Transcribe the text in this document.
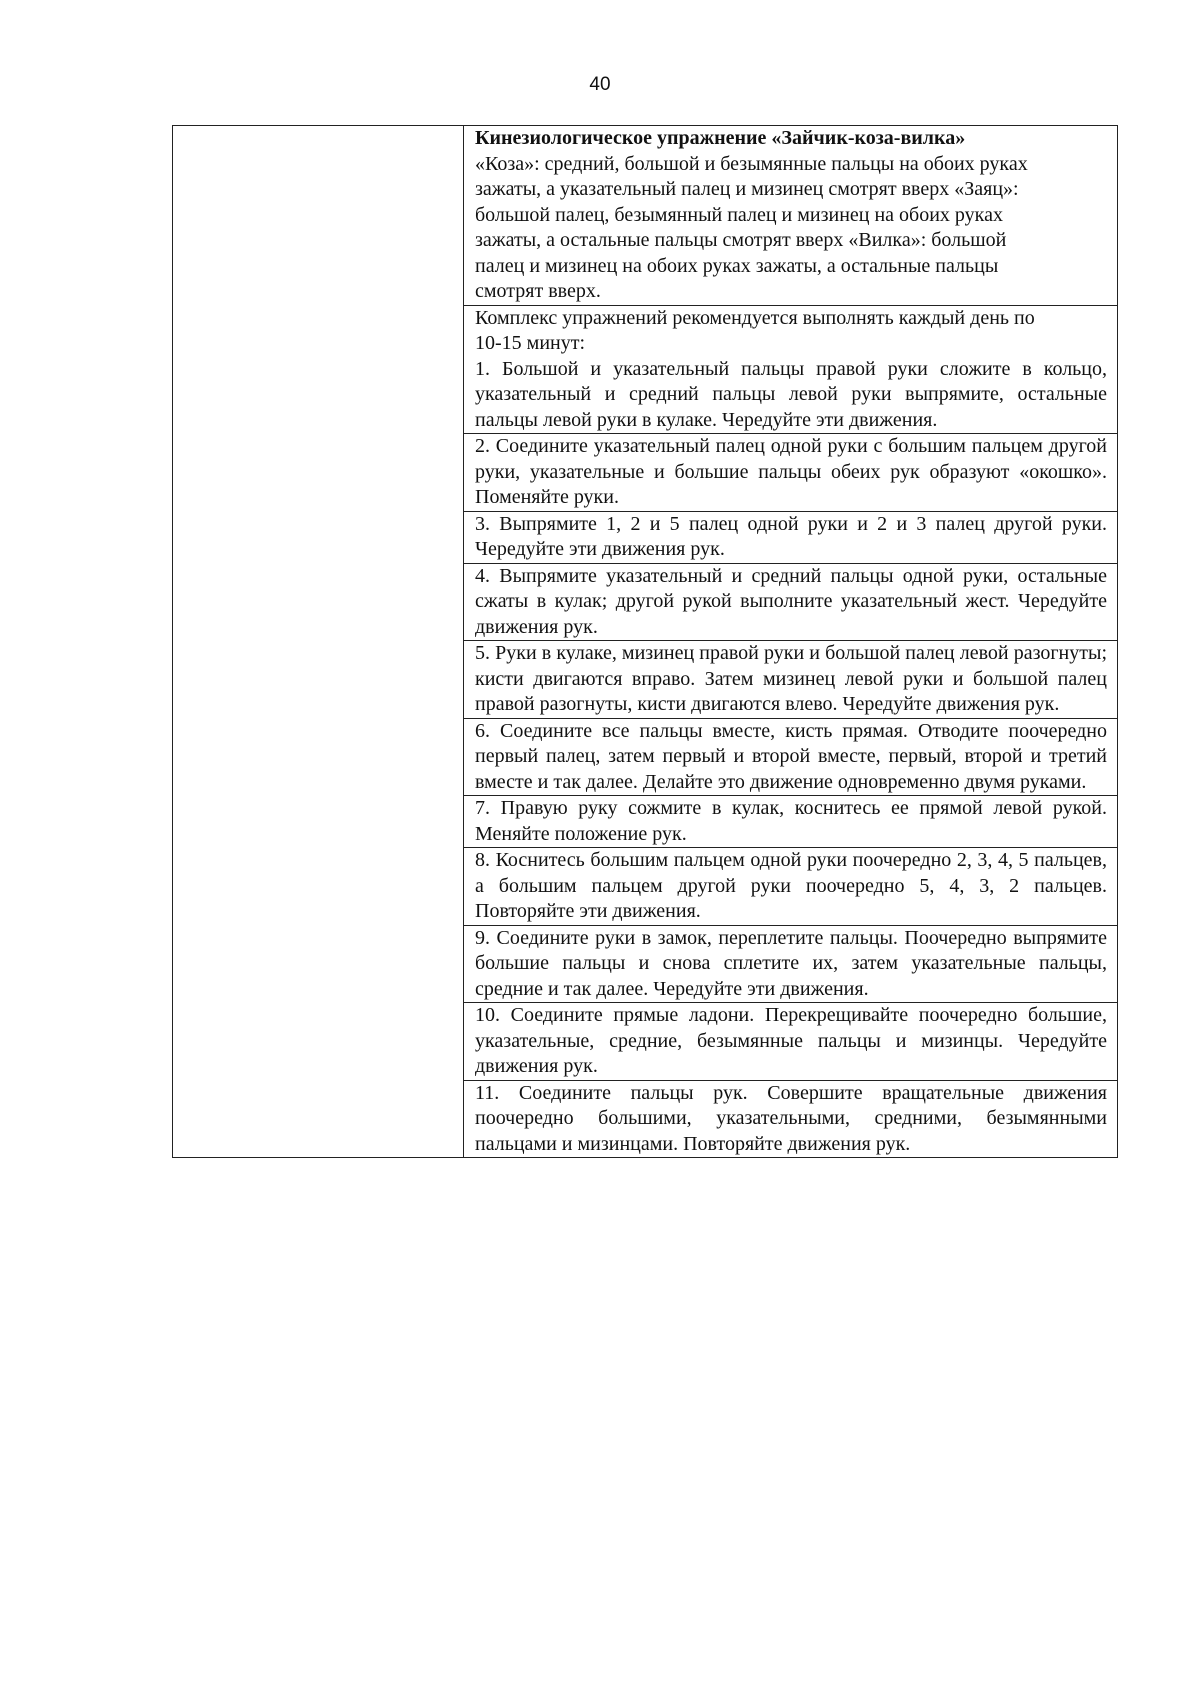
40

Кинезиологическое упражнение «Зайчик-коза-вилка»
«Коза»: средний, большой и безымянные пальцы на обоих руках
зажаты, а указательный палец и мизинец смотрят вверх «Заяц»:
большой палец, безымянный палец и мизинец на обоих руках
зажаты, а остальные пальцы смотрят вверх «Вилка»: большой
палец и мизинец на обоих руках зажаты, а остальные пальцы
смотрят вверх.

Комплекс упражнений рекомендуется выполнять каждый день по
10-15 минут:
1. Большой и указательный пальцы правой руки сложите в кольцо, указательный и средний пальцы левой руки выпрямите, остальные пальцы левой руки в кулаке. Чередуйте эти движения.

2. Соедините указательный палец одной руки с большим пальцем другой руки, указательные и большие пальцы обеих рук образуют «окошко». Поменяйте руки.
3. Выпрямите 1, 2 и 5 палец одной руки и 2 и 3 палец другой руки. Чередуйте эти движения рук.
4. Выпрямите указательный и средний пальцы одной руки, остальные сжаты в кулак; другой рукой выполните указательный жест. Чередуйте движения рук.
5. Руки в кулаке, мизинец правой руки и большой палец левой разогнуты; кисти двигаются вправо. Затем мизинец левой руки и большой палец правой разогнуты, кисти двигаются влево. Чередуйте движения рук.
6. Соедините все пальцы вместе, кисть прямая. Отводите поочередно первый палец, затем первый и второй вместе, первый, второй и третий вместе и так далее. Делайте это движение одновременно двумя руками.
7. Правую руку сожмите в кулак, коснитесь ее прямой левой рукой. Меняйте положение рук.
8. Коснитесь большим пальцем одной руки поочередно 2, 3, 4, 5 пальцев, а большим пальцем другой руки поочередно 5, 4, 3, 2 пальцев. Повторяйте эти движения.
9. Соедините руки в замок, переплетите пальцы. Поочередно выпрямите большие пальцы и снова сплетите их, затем указательные пальцы, средние и так далее. Чередуйте эти движения.
10. Соедините прямые ладони. Перекрещивайте поочередно большие, указательные, средние, безымянные пальцы и мизинцы. Чередуйте движения рук.
11. Соедините пальцы рук. Совершите вращательные движения поочередно большими, указательными, средними, безымянными пальцами и мизинцами. Повторяйте движения рук.
